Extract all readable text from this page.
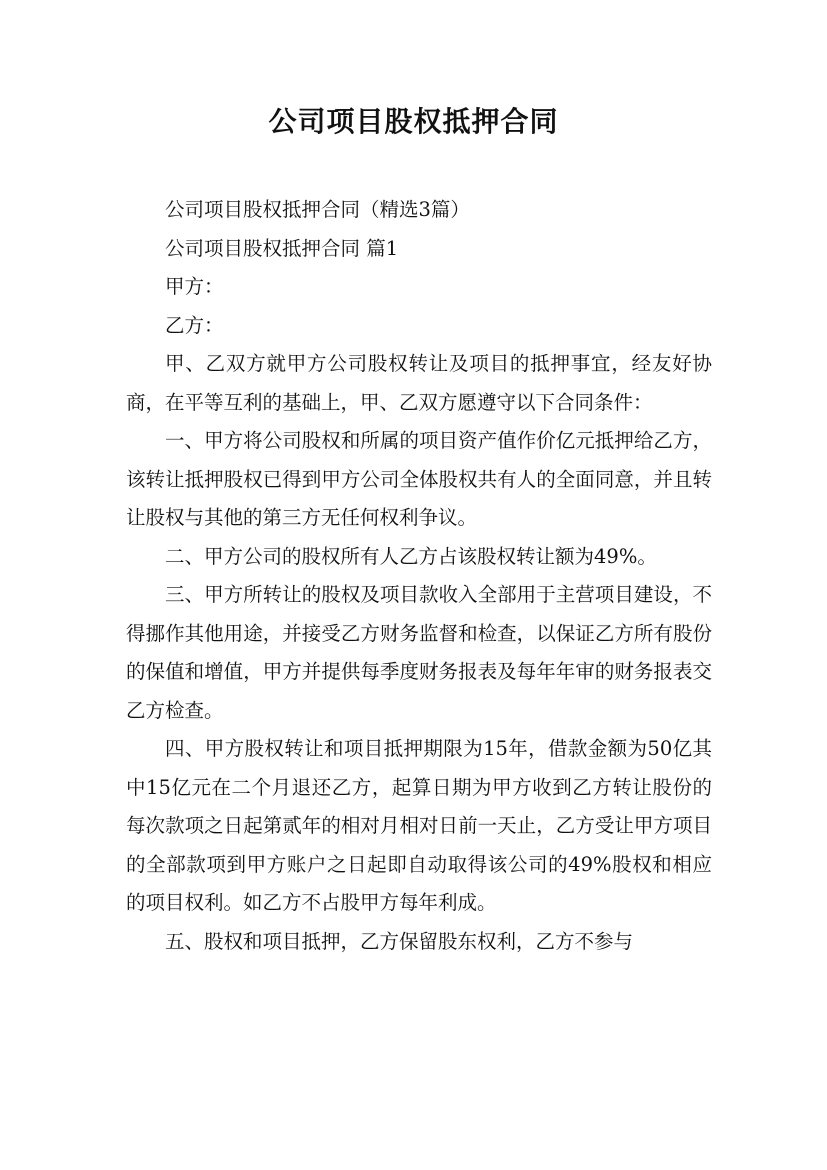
公司项目股权抵押合同

公司项目股权抵押合同（精选3篇）

公司项目股权抵押合同 篇1

甲方：

乙方：

甲、乙双方就甲方公司股权转让及项目的抵押事宜，经友好协商，在平等互利的基础上，甲、乙双方愿遵守以下合同条件：

一、甲方将公司股权和所属的项目资产值作价亿元抵押给乙方，该转让抵押股权已得到甲方公司全体股权共有人的全面同意，并且转让股权与其他的第三方无任何权利争议。

二、甲方公司的股权所有人乙方占该股权转让额为49%。

三、甲方所转让的股权及项目款收入全部用于主营项目建设，不得挪作其他用途，并接受乙方财务监督和检查，以保证乙方所有股份的保值和增值，甲方并提供每季度财务报表及每年年审的财务报表交乙方检查。

四、甲方股权转让和项目抵押期限为15年，借款金额为50亿其中15亿元在二个月退还乙方，起算日期为甲方收到乙方转让股份的每次款项之日起第贰年的相对月相对日前一天止，乙方受让甲方项目的全部款项到甲方账户之日起即自动取得该公司的49%股权和相应的项目权利。如乙方不占股甲方每年利成。

五、股权和项目抵押，乙方保留股东权利，乙方不参与
